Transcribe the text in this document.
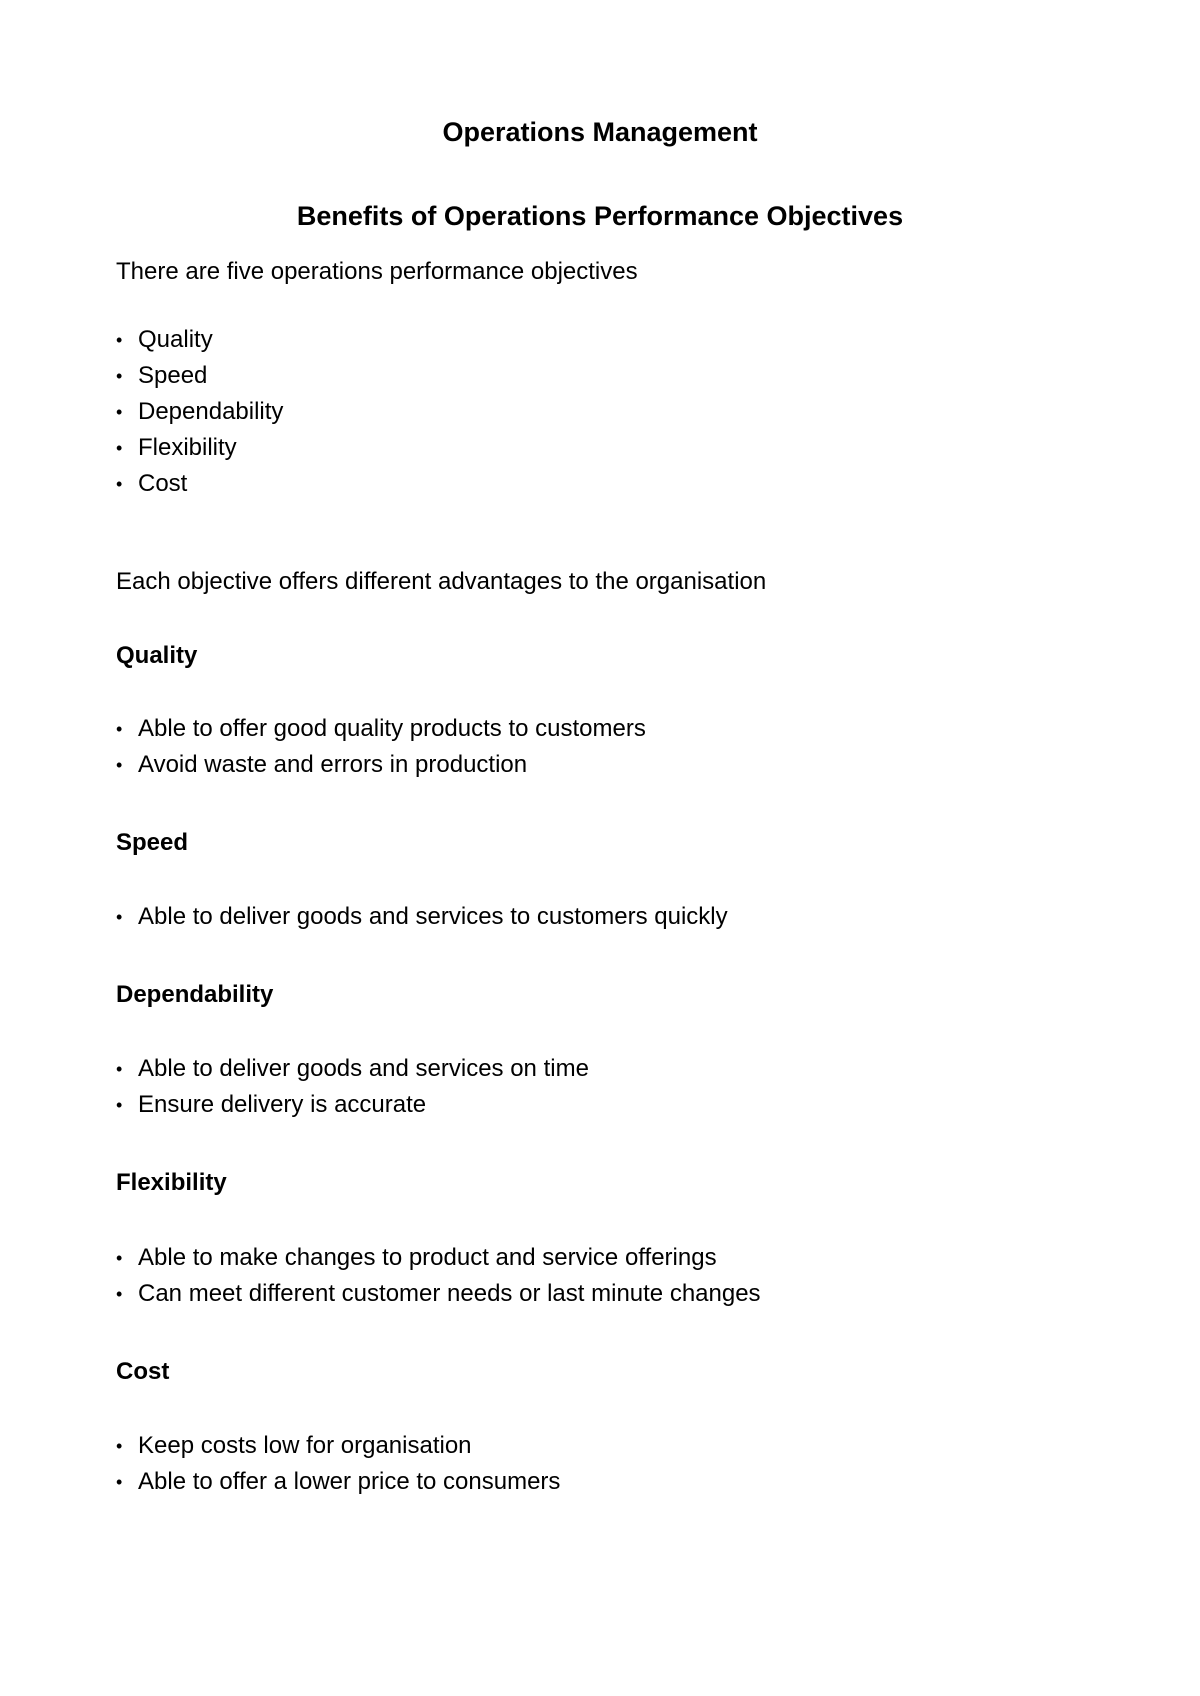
Operations Management
Benefits of Operations Performance Objectives

There are five operations performance objectives

• Quality
• Speed
• Dependability
• Flexibility
• Cost

Each objective offers different advantages to the organisation

Quality

• Able to offer good quality products to customers
• Avoid waste and errors in production

Speed

• Able to deliver goods and services to customers quickly

Dependability

• Able to deliver goods and services on time
• Ensure delivery is accurate

Flexibility

• Able to make changes to product and service offerings
• Can meet different customer needs or last minute changes

Cost

• Keep costs low for organisation
• Able to offer a lower price to consumers
